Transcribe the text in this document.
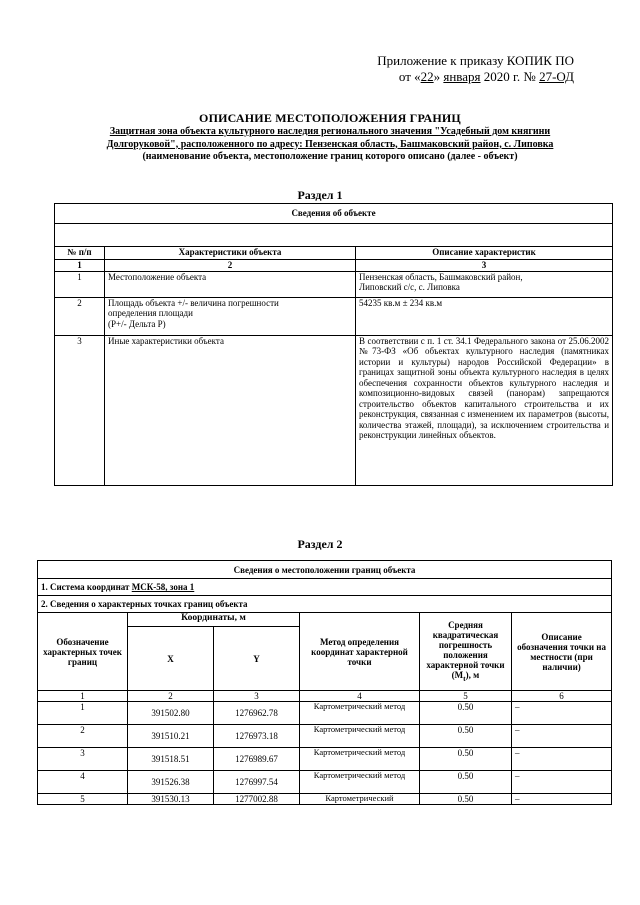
Приложение к приказу КОПИК ПО
от «22» января 2020 г. № 27-ОД
ОПИСАНИЕ МЕСТОПОЛОЖЕНИЯ ГРАНИЦ
Защитная зона объекта культурного наследия регионального значения "Усадебный дом княгини
Долгоруковой", расположенного по адресу: Пензенская область, Башмаковский район, с. Липовка
(наименование объекта, местоположение границ которого описано (далее - объект)
Раздел 1
Сведения об объекте		

№ п/п	Характеристики объекта	Описание характеристик
1	2	3
1	Местоположение объекта	Пензенская область, Башмаковский район,
Липовский с/с, с. Липовка

2	Площадь объекта +/- величина погрешности
определения площади
(Р+/- Дельта Р)	54235 кв.м ± 234 кв.м
3	Иные характеристики объекта	В соответствии с п. 1 ст. 34.1 Федерального закона от 25.06.2002 №73-ФЗ «Об объектах культурного наследия (памятниках истории и культуры) народов Российской Федерации» в границах защитной зоны объекта культурного наследия в целях обеспечения сохранности объектов культурного наследия и композиционно-видовых связей (панорам) запрещаются строительство объектов капитального строительства и их реконструкция, связанная с изменением их параметров (высоты, количества этажей, площади), за исключением строительства и реконструкции линейных объектов.
Раздел 2
Сведения о местоположении границ объекта					
1. Система координат МСК-58, зона 1					
2. Сведения о характерных точках границ объекта					
Обозначение характерных точек границ	Координаты, м		Метод определения координат характерной точки	Средняя квадратическая погрешность положения характерной точки $(М_t)$, м	Описание обозначения точки на местности (при наличии)
	X	Y			
1	2	3	4	5	6
1	391502.80	1276962.78	Картометрический метод	0.50	–
2	391510.21	1276973.18	Картометрический метод	0.50	–
3	391518.51	1276989.67	Картометрический метод	0.50	–
4	391526.38	1276997.54	Картометрический метод	0.50	–
5	391530.13	1277002.88	Картометрический	0.50	–
